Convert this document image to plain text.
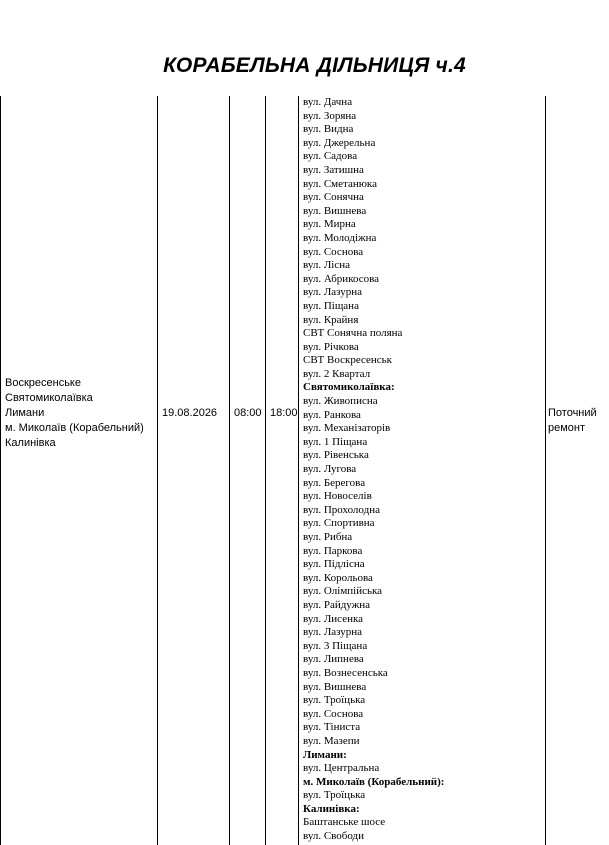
КОРАБЕЛЬНА ДІЛЬНИЦЯ ч.4
Воскресенське
Святомиколаївка
Лимани
м. Миколаїв (Корабельний)
Калинівка
19.08.2026 08:00 18:00	Поточний
ремонт
вул. Дачна
вул. Зоряна
вул. Видна
вул. Джерельна
вул. Садова
вул. Затишна
вул. Сметанюка
вул. Сонячна
вул. Вишнева
вул. Мирна
вул. Молодіжна
вул. Соснова
вул. Лісна
вул. Абрикосова
вул. Лазурна
вул. Піщана
вул. Крайня
СВТ Сонячна поляна
вул. Річкова
СВТ Воскресенськ
вул. 2 Квартал
Святомиколаївка:
вул. Живописна
вул. Ранкова
вул. Механізаторів
вул. 1 Піщана
вул. Рівенська
вул. Лугова
вул. Берегова
вул. Новоселів
вул. Прохолодна
вул. Спортивна
вул. Рибна
вул. Паркова
вул. Підлісна
вул. Корольова
вул. Олімпійська
вул. Райдужна
вул. Лисенка
вул. Лазурна
вул. 3 Піщана
вул. Липнева
вул. Вознесенська
вул. Вишнева
вул. Троїцька
вул. Соснова
вул. Тіниста
вул. Мазепи
Лимани:
вул. Центральна
м. Миколаїв (Корабельний):
вул. Троїцька
Калинівка:
Баштанське шосе
вул. Свободи
